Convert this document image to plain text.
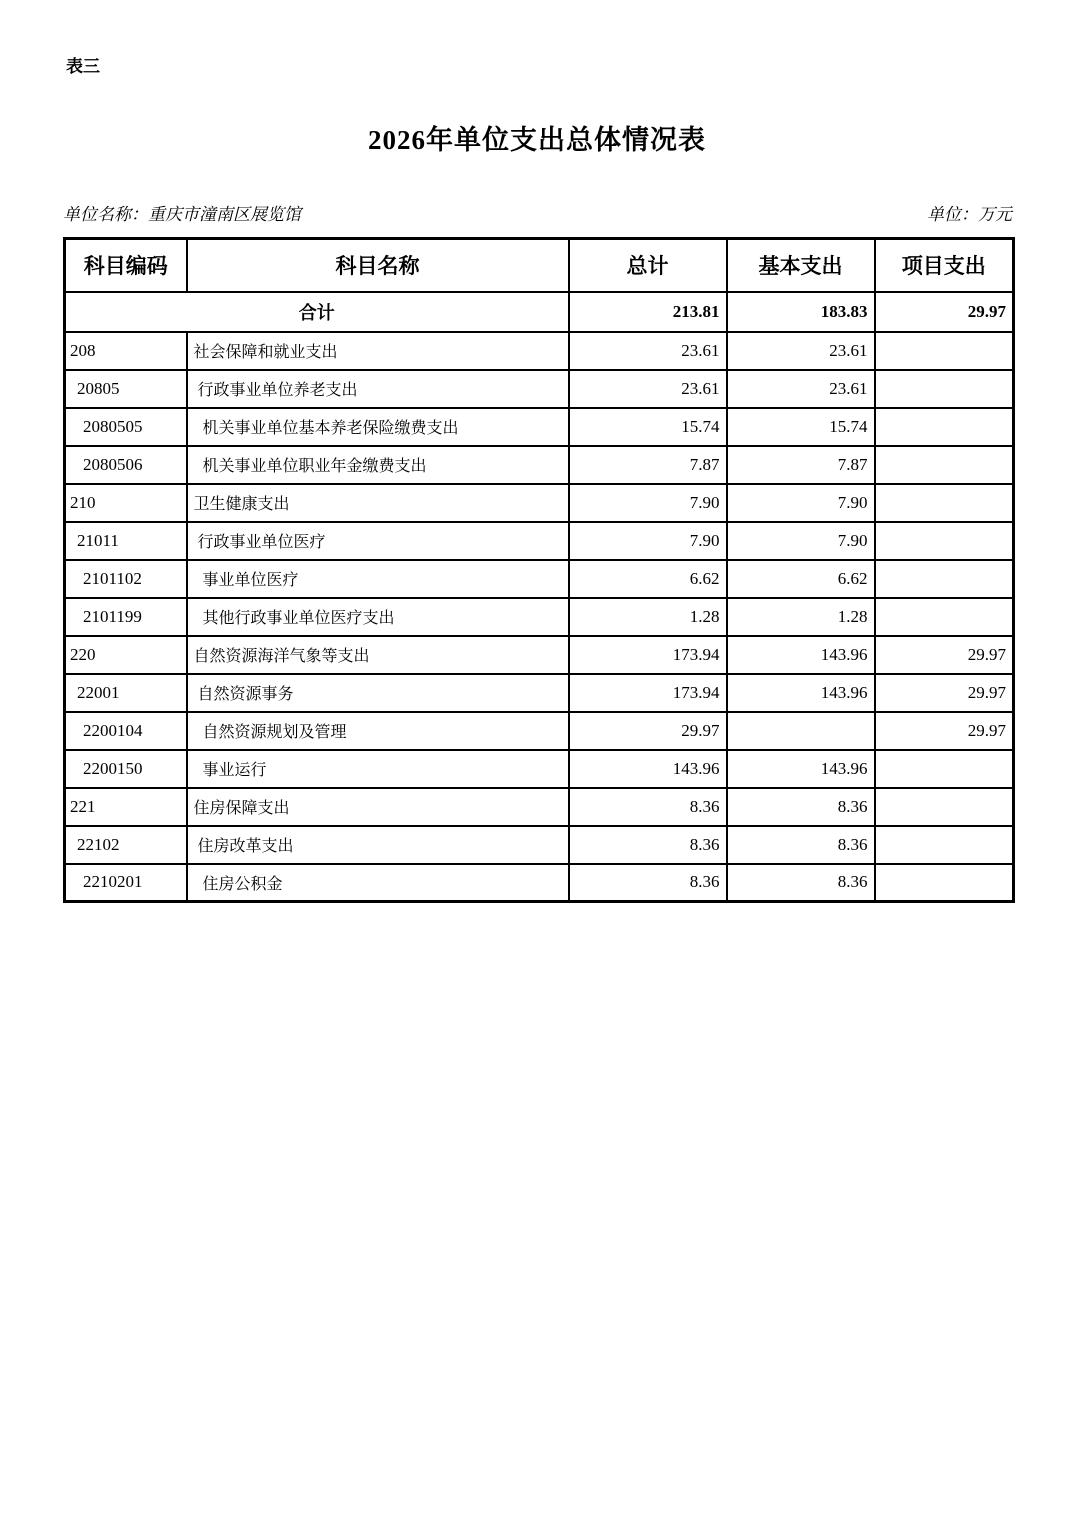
表三
2026年单位支出总体情况表
单位名称：重庆市潼南区展览馆	单位：万元
科目编码	科目名称	总计	基本支出	项目支出
合计		213.81	183.83	29.97
208	社会保障和就业支出	23.61	23.61	
20805	行政事业单位养老支出	23.61	23.61	
2080505	机关事业单位基本养老保险缴费支出	15.74	15.74	
2080506	机关事业单位职业年金缴费支出	7.87	7.87	
210	卫生健康支出	7.90	7.90	
21011	行政事业单位医疗	7.90	7.90	
2101102	事业单位医疗	6.62	6.62	
2101199	其他行政事业单位医疗支出	1.28	1.28	
220	自然资源海洋气象等支出	173.94	143.96	29.97
22001	自然资源事务	173.94	143.96	29.97
2200104	自然资源规划及管理	29.97		29.97
2200150	事业运行	143.96	143.96	
221	住房保障支出	8.36	8.36	
22102	住房改革支出	8.36	8.36	
2210201	住房公积金	8.36	8.36	
